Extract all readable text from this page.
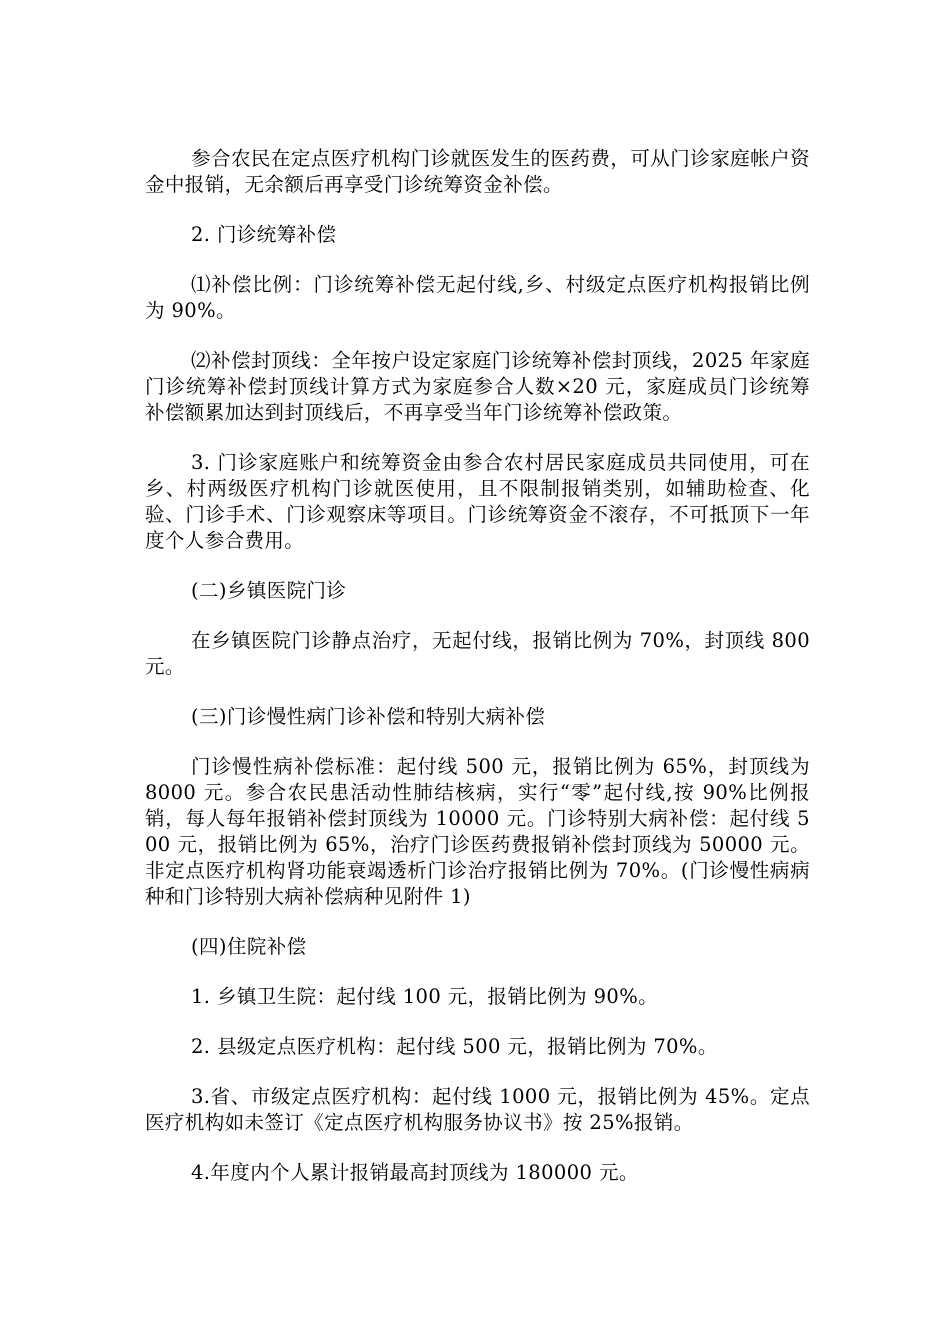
参合农民在定点医疗机构门诊就医发生的医药费，可从门诊家庭帐户资金中报销，无余额后再享受门诊统筹资金补偿。

2. 门诊统筹补偿

⑴补偿比例：门诊统筹补偿无起付线,乡、村级定点医疗机构报销比例为 90%。

⑵补偿封顶线：全年按户设定家庭门诊统筹补偿封顶线，2025 年家庭门诊统筹补偿封顶线计算方式为家庭参合人数×20 元，家庭成员门诊统筹补偿额累加达到封顶线后，不再享受当年门诊统筹补偿政策。

3. 门诊家庭账户和统筹资金由参合农村居民家庭成员共同使用，可在乡、村两级医疗机构门诊就医使用，且不限制报销类别，如辅助检查、化验、门诊手术、门诊观察床等项目。门诊统筹资金不滚存，不可抵顶下一年度个人参合费用。

(二)乡镇医院门诊

在乡镇医院门诊静点治疗，无起付线，报销比例为 70%，封顶线 800 元。

(三)门诊慢性病门诊补偿和特别大病补偿

门诊慢性病补偿标准：起付线 500 元，报销比例为 65%，封顶线为 8000 元。参合农民患活动性肺结核病，实行“零”起付线,按 90%比例报销，每人每年报销补偿封顶线为 10000 元。门诊特别大病补偿：起付线 500 元，报销比例为 65%，治疗门诊医药费报销补偿封顶线为 50000 元。非定点医疗机构肾功能衰竭透析门诊治疗报销比例为 70%。(门诊慢性病病种和门诊特别大病补偿病种见附件 1)

(四)住院补偿

1. 乡镇卫生院：起付线 100 元，报销比例为 90%。

2. 县级定点医疗机构：起付线 500 元，报销比例为 70%。

3.省、市级定点医疗机构：起付线 1000 元，报销比例为 45%。定点医疗机构如未签订《定点医疗机构服务协议书》按 25%报销。

4.年度内个人累计报销最高封顶线为 180000 元。
